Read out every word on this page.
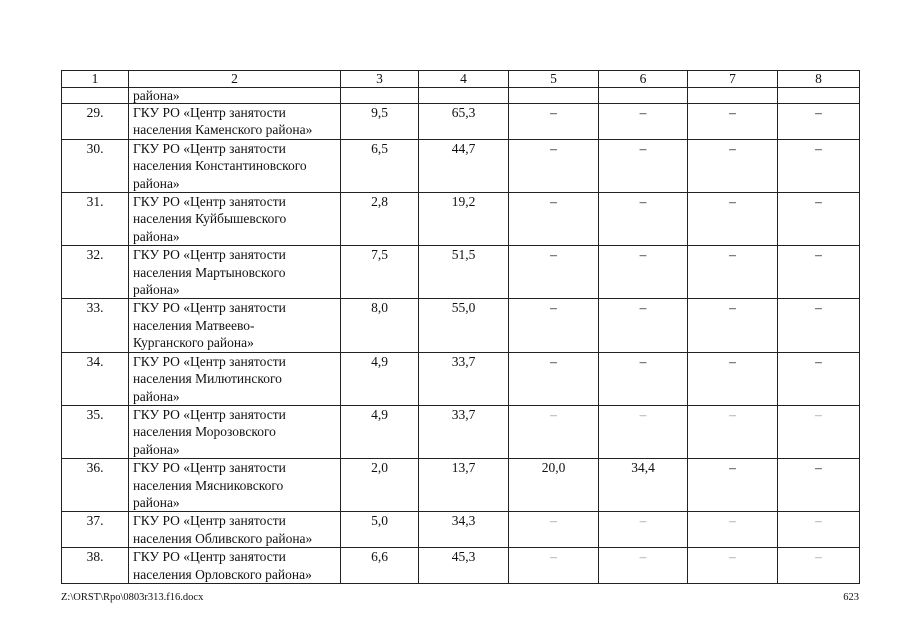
1	2	3	4	5	6	7	8
	района»						
29.	ГКУ РО «Центр занятости
населения Каменского района»	9,5	65,3	–	–	–	–
30.	ГКУ РО «Центр занятости
населения Константиновского
района»	6,5	44,7	–	–	–	–
31.	ГКУ РО «Центр занятости
населения Куйбышевского
района»	2,8	19,2	–	–	–	–
32.	ГКУ РО «Центр занятости
населения Мартыновского
района»	7,5	51,5	–	–	–	–
33.	ГКУ РО «Центр занятости
населения Матвеево-
Курганского района»	8,0	55,0	–	–	–	–
34.	ГКУ РО «Центр занятости
населения Милютинского
района»	4,9	33,7	–	–	–	–
35.	ГКУ РО «Центр занятости
населения Морозовского
района»	4,9	33,7	–	–	–	–
36.	ГКУ РО «Центр занятости
населения Мясниковского
района»	2,0	13,7	20,0	34,4	–	–
37.	ГКУ РО «Центр занятости
населения Обливского района»	5,0	34,3	–	–	–	–
38.	ГКУ РО «Центр занятости
населения Орловского района»	6,6	45,3	–	–	–	–
Z:\ORST\Rpo\0803r313.f16.docx	623
